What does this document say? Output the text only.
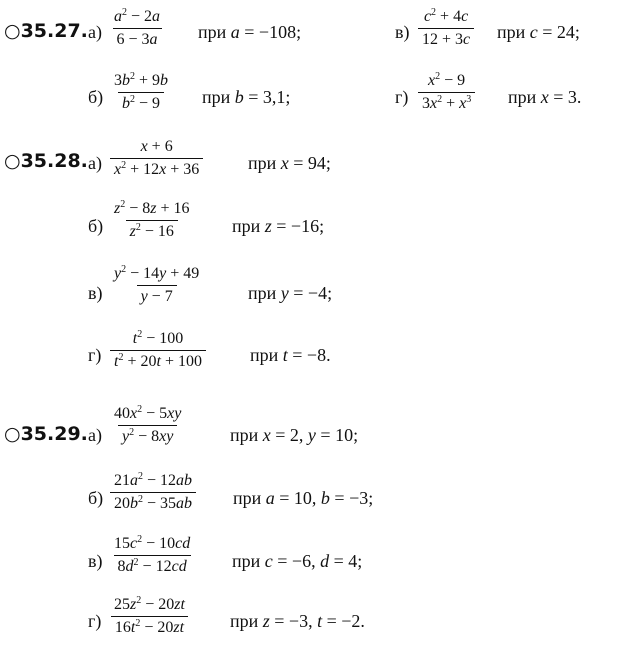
○35.27. $а) \frac{a^2 - 2a}{6 - 3a}$ при a = −108;	$в) \frac{c^2 + 4c}{12 + 3c}$ при c = 24;
$б) \frac{3b^2 + 9b}{b^2 - 9}$ при b = 3,1;	$г) \frac{x^2 - 9}{3x^2 + x^3}$ при x = 3.
○35.28. $а) \frac{x + 6}{x^2 + 12x + 36}$ при x = 94;
$б) \frac{z^2 - 8z + 16}{z^2 - 16}$ при z = −16;
$в) \frac{y^2 - 14y + 49}{y - 7}$ при y = −4;
$г) \frac{t^2 - 100}{t^2 + 20t + 100}$ при t = −8.
○35.29. $а) \frac{40x^2 - 5xy}{y^2 - 8xy}$ при x = 2, y = 10;
$б) \frac{21a^2 - 12ab}{20b^2 - 35ab}$ при a = 10, b = −3;
$в) \frac{15c^2 - 10cd}{8d^2 - 12cd}$ при c = −6, d = 4;
$г) \frac{25z^2 - 20zt}{16t^2 - 20zt}$ при z = −3, t = −2.
